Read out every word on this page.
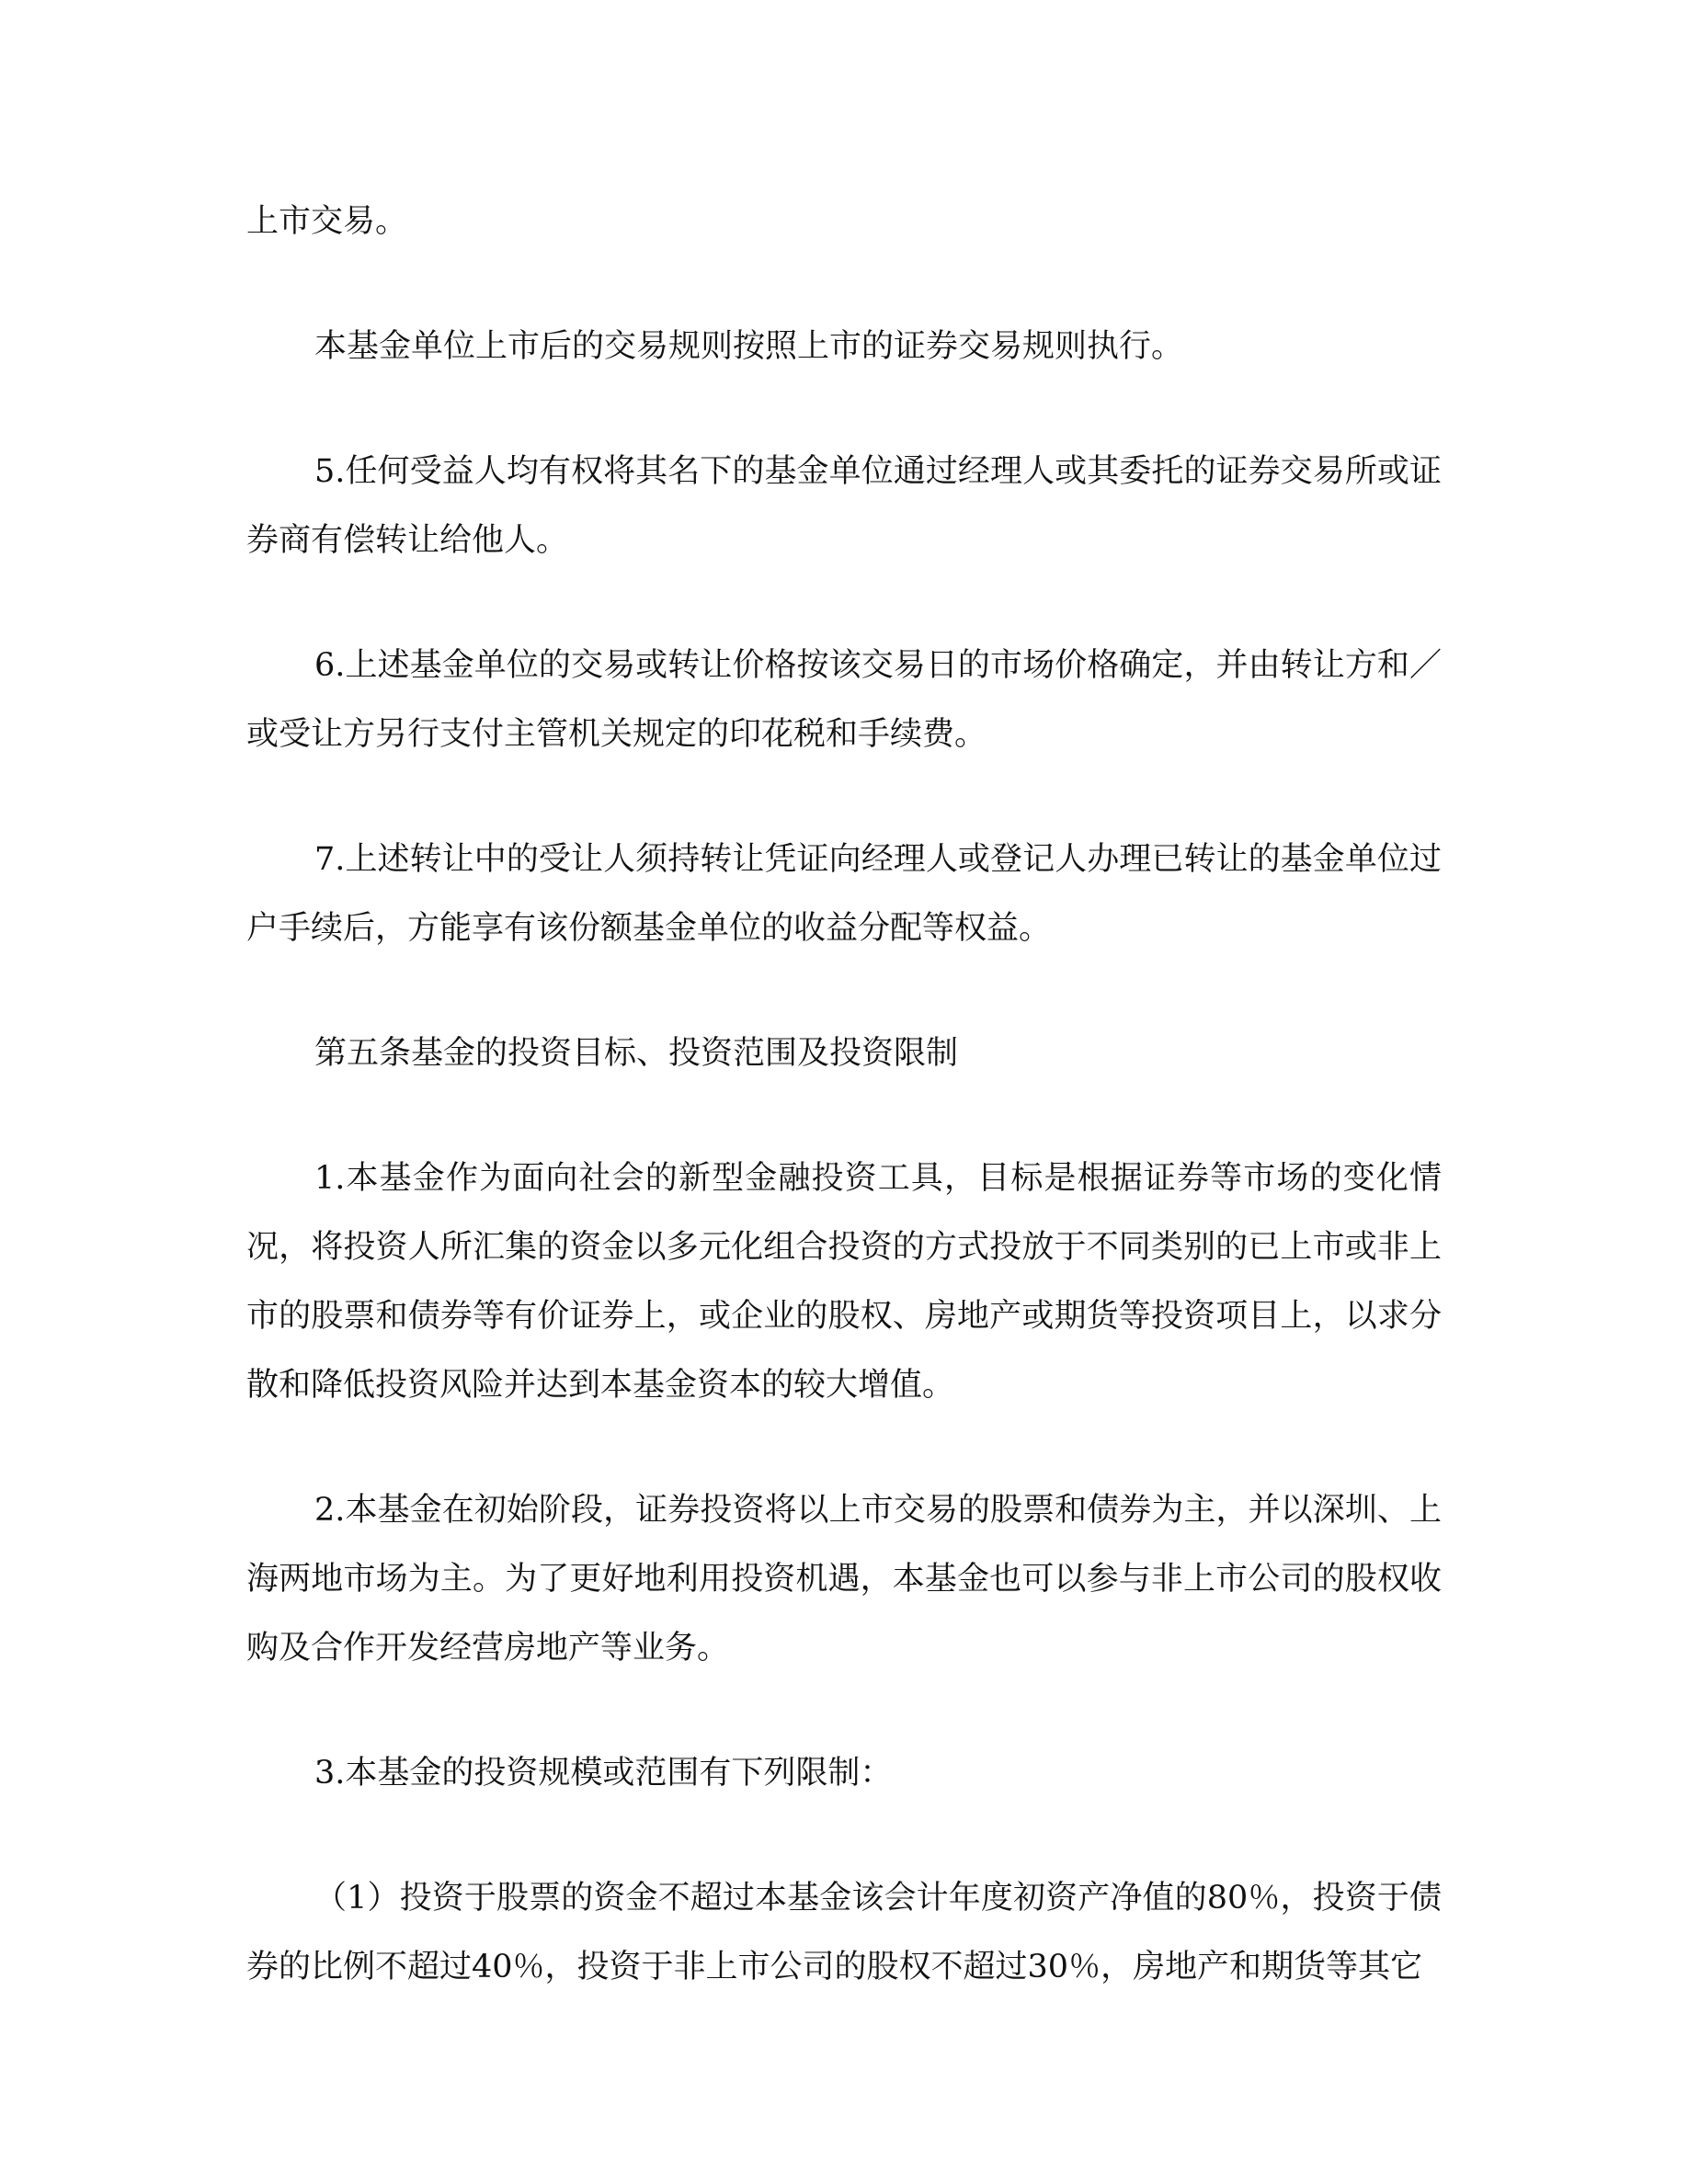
上市交易。

本基金单位上市后的交易规则按照上市的证券交易规则执行。

5.任何受益人均有权将其名下的基金单位通过经理人或其委托的证券交易所或证券商有偿转让给他人。

6.上述基金单位的交易或转让价格按该交易日的市场价格确定，并由转让方和／或受让方另行支付主管机关规定的印花税和手续费。

7.上述转让中的受让人须持转让凭证向经理人或登记人办理已转让的基金单位过户手续后，方能享有该份额基金单位的收益分配等权益。

第五条基金的投资目标、投资范围及投资限制

1.本基金作为面向社会的新型金融投资工具，目标是根据证券等市场的变化情况，将投资人所汇集的资金以多元化组合投资的方式投放于不同类别的已上市或非上市的股票和债券等有价证券上，或企业的股权、房地产或期货等投资项目上，以求分散和降低投资风险并达到本基金资本的较大增值。

2.本基金在初始阶段，证券投资将以上市交易的股票和债券为主，并以深圳、上海两地市场为主。为了更好地利用投资机遇，本基金也可以参与非上市公司的股权收购及合作开发经营房地产等业务。

3.本基金的投资规模或范围有下列限制：

（1）投资于股票的资金不超过本基金该会计年度初资产净值的80％，投资于债券的比例不超过40％，投资于非上市公司的股权不超过30％，房地产和期货等其它
